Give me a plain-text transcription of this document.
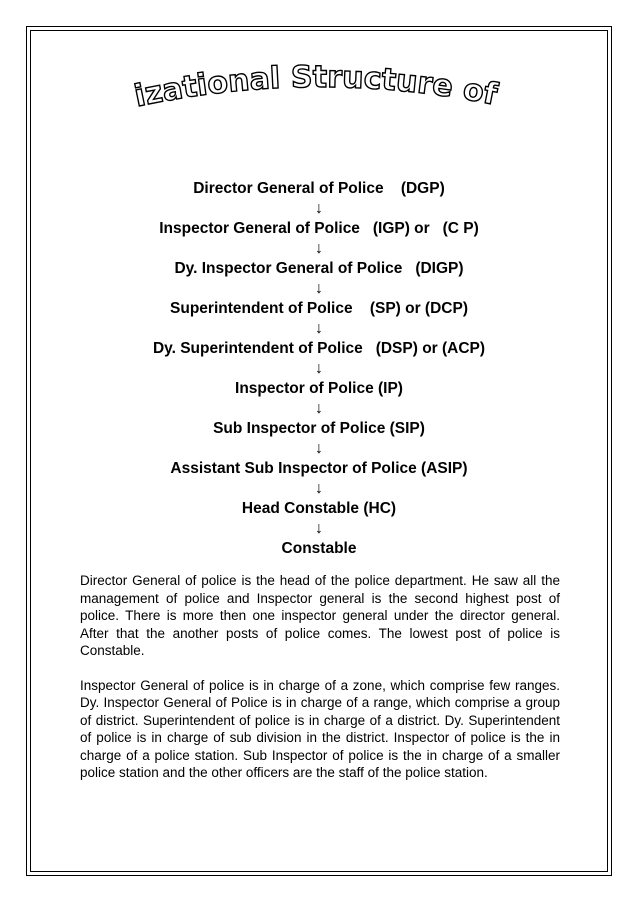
Organizational Structure of Police
Director General of Police    (DGP)
↓
Inspector General of Police   (IGP) or   (C P)
↓
Dy. Inspector General of Police   (DIGP)
↓
Superintendent of Police    (SP) or (DCP)
↓
Dy. Superintendent of Police   (DSP) or (ACP)
↓
Inspector of Police (IP)
↓
Sub Inspector of Police (SIP)
↓
Assistant Sub Inspector of Police (ASIP)
↓
Head Constable (HC)
↓
Constable

Director General of police is the head of the police department. He saw all the management of police and Inspector general is the second highest post of police. There is more then one inspector general under the director general. After that the another posts of police comes. The lowest post of police is Constable.

Inspector General of police is in charge of a zone, which comprise few ranges. Dy. Inspector General of Police is in charge of a range, which comprise a group of district. Superintendent of police is in charge of a district. Dy. Superintendent of police is in charge of sub division in the district. Inspector of police is the in charge of a police station. Sub Inspector of police is the in charge of a smaller police station and the other officers are the staff of the police station.
